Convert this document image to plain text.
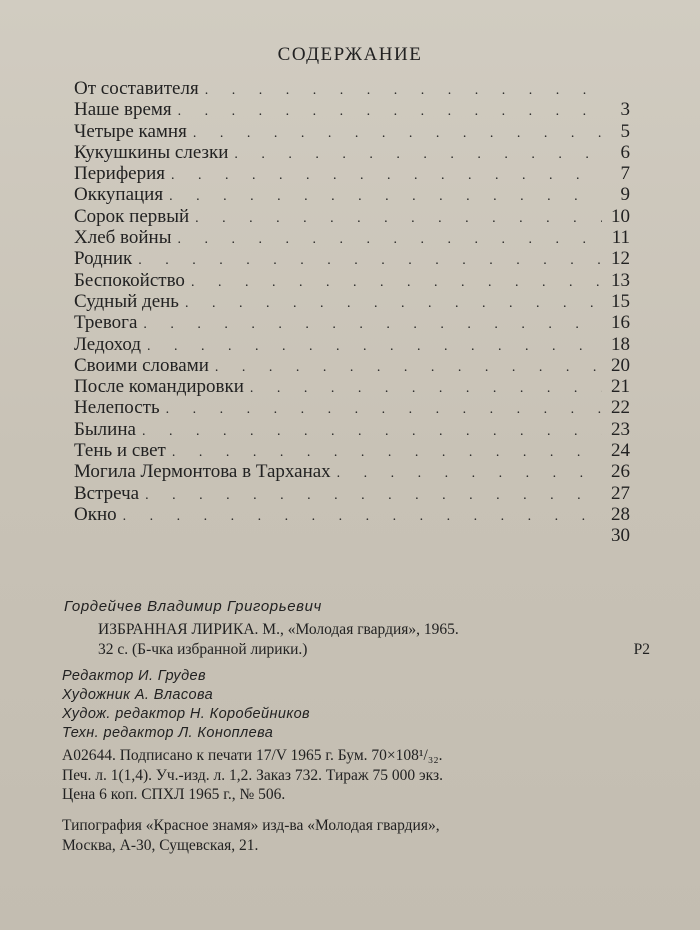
СОДЕРЖАНИЕ
От составителя
. . .
Наше время . . .	3
Четыре камня . . .	5
Кукушкины слезки . . .	6
Периферия . . .	7
Оккупация . . .	9
Сорок первый . . .	10
Хлеб войны . . .	11
Родник . . .	12
Беспокойство . . .	13
Судный день . . .	15
Тревога . . .	16
Ледоход . . .	18
Своими словами . . .	20
После командировки . . .	21
Нелепость . . .	22
Былина . . .	23
Тень и свет . . .	24
Могила Лермонтова в Тарханах . . .	26
Встреча . . .	27
Окно . . .	28
30
Гордейчев Владимир Григорьевич
ИЗБРАННАЯ ЛИРИКА. М., «Молодая гвардия», 1965.
32 с. (Б-чка избранной лирики.)	Р2
Редактор И. Грудев
Художник А. Власова
Худож. редактор Н. Коробейников
Техн. редактор Л. Коноплева
А02644. Подписано к печати 17/V 1965 г. Бум. 70×108¹/₃₂.
Печ. л. 1(1,4). Уч.-изд. л. 1,2. Заказ 732. Тираж 75 000 экз.
Цена 6 коп. СПХЛ 1965 г., № 506.
Типография «Красное знамя» изд-ва «Молодая гвардия»,
Москва, А-30, Сущевская, 21.
